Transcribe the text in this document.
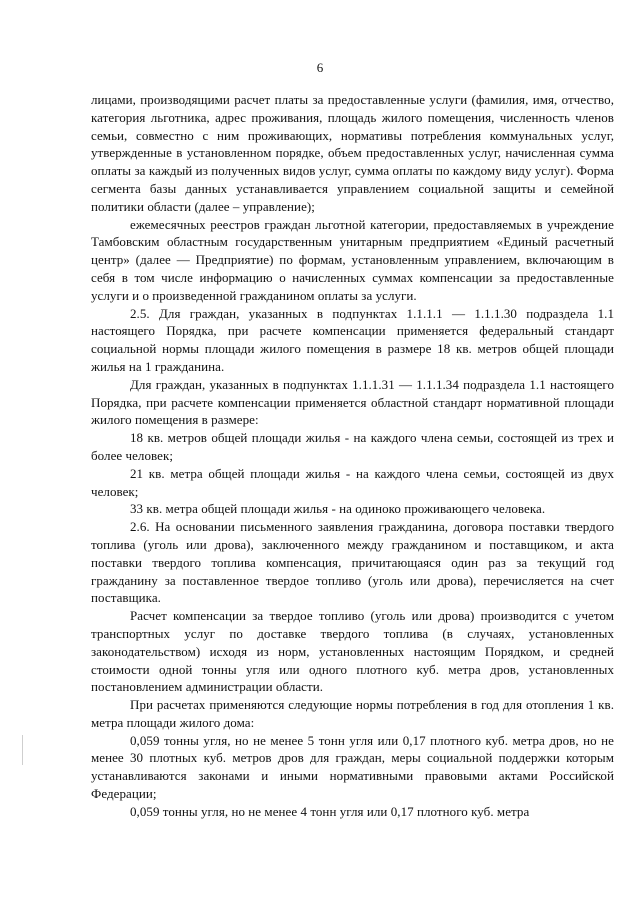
6

лицами, производящими расчет платы за предоставленные услуги (фамилия, имя, отчество, категория льготника, адрес проживания, площадь жилого помещения, численность членов семьи, совместно с ним проживающих, нормативы потребления коммунальных услуг, утвержденные в установленном порядке, объем предоставленных услуг, начисленная сумма оплаты за каждый из полученных видов услуг, сумма оплаты по каждому виду услуг). Форма сегмента базы данных устанавливается управлением социальной защиты и семейной политики области (далее – управление);

ежемесячных реестров граждан льготной категории, предоставляемых в учреждение Тамбовским областным государственным унитарным предприятием «Единый расчетный центр» (далее — Предприятие) по формам, установленным управлением, включающим в себя в том числе информацию о начисленных суммах компенсации за предоставленные услуги и о произведенной гражданином оплаты за услуги.

2.5. Для граждан, указанных в подпунктах 1.1.1.1 — 1.1.1.30 подраздела 1.1 настоящего Порядка, при расчете компенсации применяется федеральный стандарт социальной нормы площади жилого помещения в размере 18 кв. метров общей площади жилья на 1 гражданина.

Для граждан, указанных в подпунктах 1.1.1.31 — 1.1.1.34 подраздела 1.1 настоящего Порядка, при расчете компенсации применяется областной стандарт нормативной площади жилого помещения в размере:

18 кв. метров общей площади жилья - на каждого члена семьи, состоящей из трех и более человек;

21 кв. метра общей площади жилья - на каждого члена семьи, состоящей из двух человек;

33 кв. метра общей площади жилья - на одиноко проживающего человека.

2.6. На основании письменного заявления гражданина, договора поставки твердого топлива (уголь или дрова), заключенного между гражданином и поставщиком, и акта поставки твердого топлива компенсация, причитающаяся один раз за текущий год гражданину за поставленное твердое топливо (уголь или дрова), перечисляется на счет поставщика.

Расчет компенсации за твердое топливо (уголь или дрова) производится с учетом транспортных услуг по доставке твердого топлива (в случаях, установленных законодательством) исходя из норм, установленных настоящим Порядком, и средней стоимости одной тонны угля или одного плотного куб. метра дров, установленных постановлением администрации области.

При расчетах применяются следующие нормы потребления в год для отопления 1 кв. метра площади жилого дома:

0,059 тонны угля, но не менее 5 тонн угля или 0,17 плотного куб. метра дров, но не менее 30 плотных куб. метров дров для граждан, меры социальной поддержки которым устанавливаются законами и иными нормативными правовыми актами Российской Федерации;

0,059 тонны угля, но не менее 4 тонн угля или 0,17 плотного куб. метра
